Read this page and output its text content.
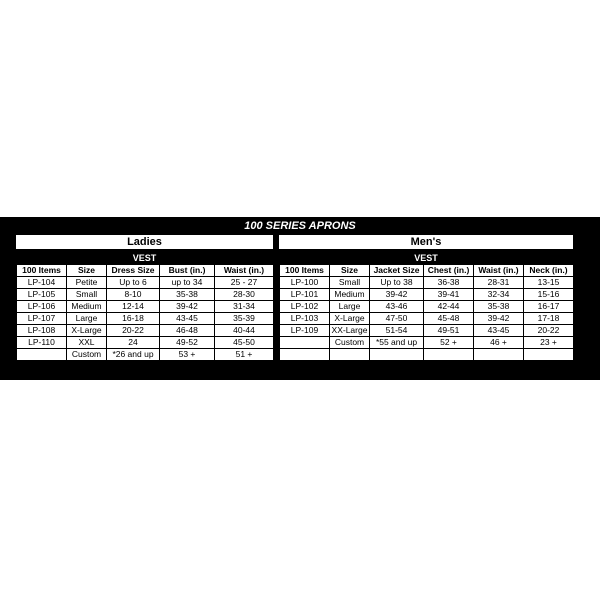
100 SERIES APRONS
Ladies
VEST
100 Items	Size	Dress Size	Bust (in.)	Waist (in.)
LP-104	Petite	Up to 6	up to 34	25 - 27
LP-105	Small	8-10	35-38	28-30
LP-106	Medium	12-14	39-42	31-34
LP-107	Large	16-18	43-45	35-39
LP-108	X-Large	20-22	46-48	40-44
LP-110	XXL	24	49-52	45-50
	Custom	*26 and up	53 +	51 +
Men's
VEST
100 Items	Size	Jacket Size	Chest (in.)	Waist (in.)	Neck (in.)
LP-100	Small	Up to 38	36-38	28-31	13-15
LP-101	Medium	39-42	39-41	32-34	15-16
LP-102	Large	43-46	42-44	35-38	16-17
LP-103	X-Large	47-50	45-48	39-42	17-18
LP-109	XX-Large	51-54	49-51	43-45	20-22
	Custom	*55 and up	52 +	46 +	23 +
